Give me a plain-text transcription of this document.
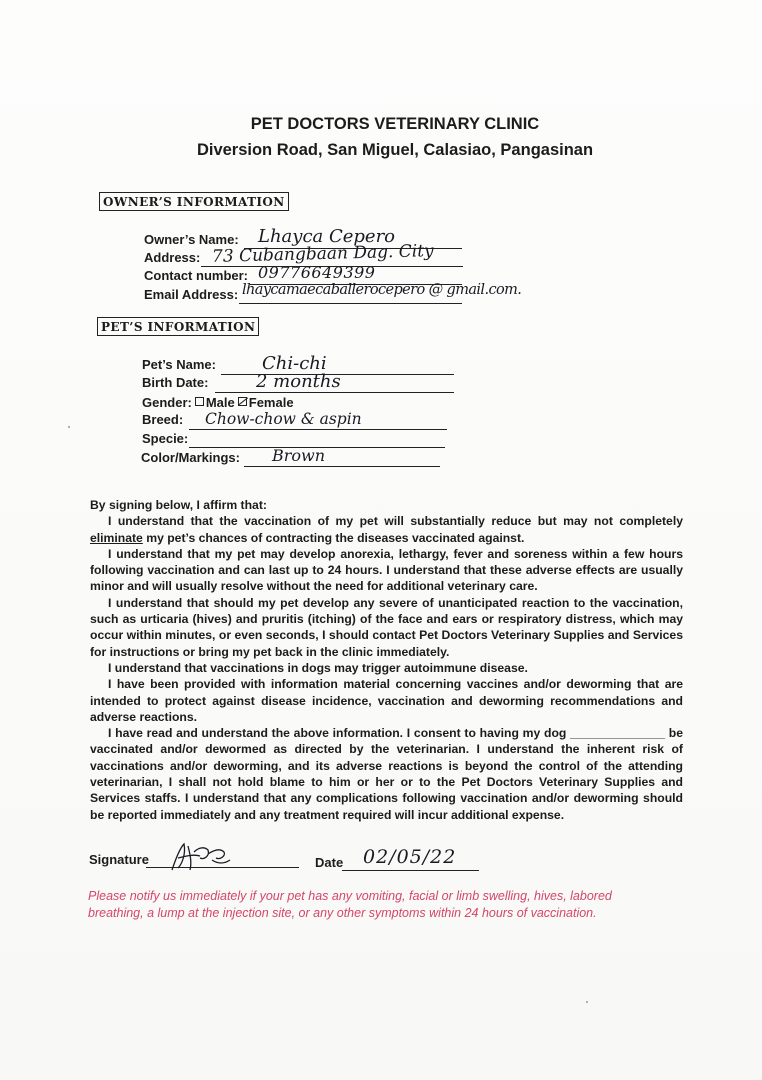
PET DOCTORS VETERINARY CLINIC
Diversion Road, San Miguel, Calasiao, Pangasinan
OWNER’S INFORMATION
Owner’s Name: Lhayca Cepero
Address: 73 Cubangbaan Dag. City
Contact number: 09776649399
Email Address: lhaycamaecaballerocepero @ gmail.com.
PET’S INFORMATION
Pet’s Name:	Chi-chi
Birth Date:	2 months
Gender: Male Female
Breed: Chow-chow & aspin
Specie:
Color/Markings: Brown

By signing below, I affirm that:

I understand that the vaccination of my pet will substantially reduce but may not completely eliminate my pet’s chances of contracting the diseases vaccinated against.

I understand that my pet may develop anorexia, lethargy, fever and soreness within a few hours following vaccination and can last up to 24 hours. I understand that these adverse effects are usually minor and will usually resolve without the need for additional veterinary care.

I understand that should my pet develop any severe of unanticipated reaction to the vaccination, such as urticaria (hives) and pruritis (itching) of the face and ears or respiratory distress, which may occur within minutes, or even seconds, I should contact Pet Doctors Veterinary Supplies and Services for instructions or bring my pet back in the clinic immediately.

I understand that vaccinations in dogs may trigger autoimmune disease.

I have been provided with information material concerning vaccines and/or deworming that are intended to protect against disease incidence, vaccination and deworming recommendations and adverse reactions.

I have read and understand the above information. I consent to having my dog ______________ be vaccinated and/or dewormed as directed by the veterinarian. I understand the inherent risk of vaccinations and/or deworming, and its adverse reactions is beyond the control of the attending veterinarian, I shall not hold blame to him or her or to the Pet Doctors Veterinary Supplies and Services staffs. I understand that any complications following vaccination and/or deworming should be reported immediately and any treatment required will incur additional expense.

Signature	Date 02/05/22
Please notify us immediately if your pet has any vomiting, facial or limb swelling, hives, labored breathing, a lump at the injection site, or any other symptoms within 24 hours of vaccination.
